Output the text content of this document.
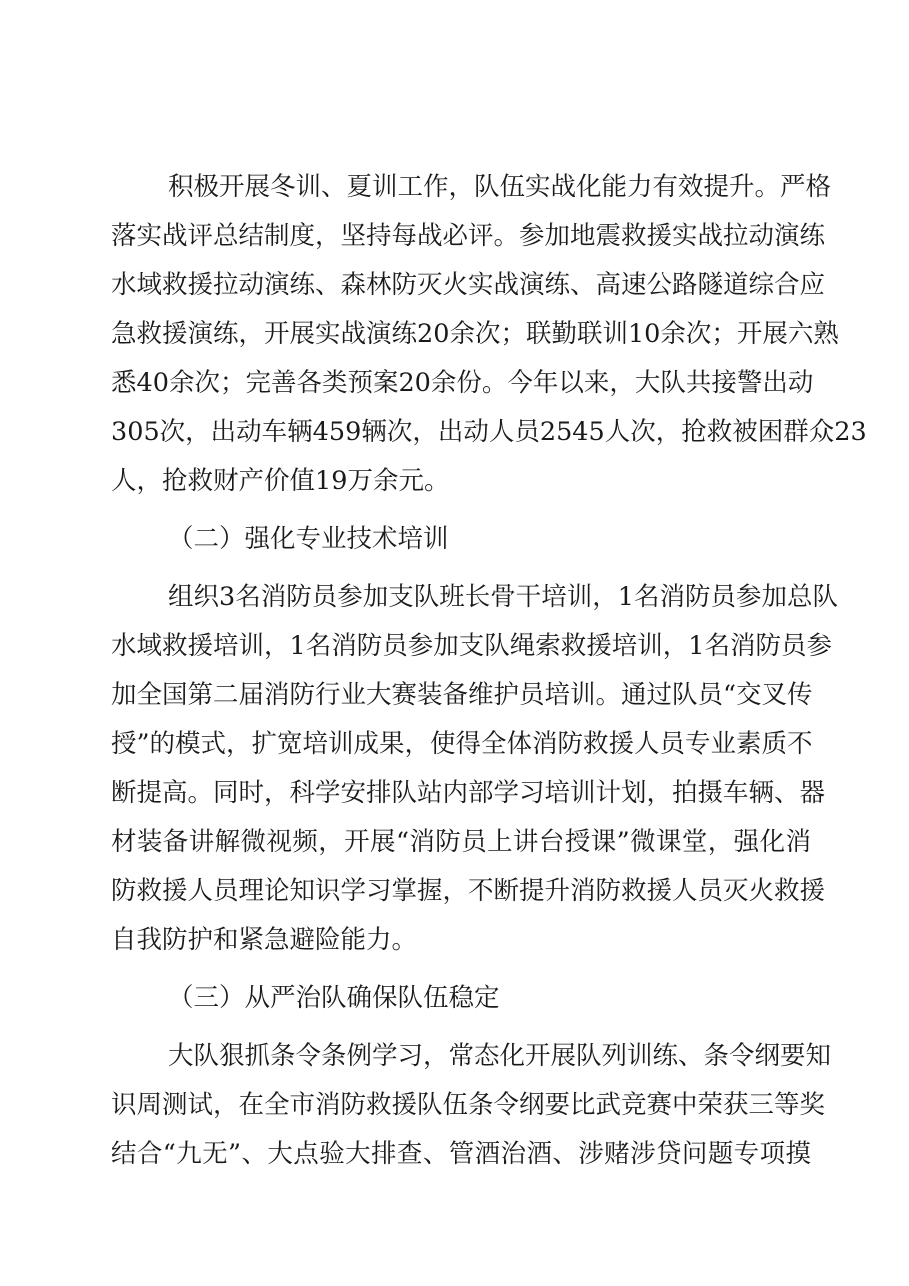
积极开展冬训、夏训工作，队伍实战化能力有效提升。严格
落实战评总结制度，坚持每战必评。参加地震救援实战拉动演练
水域救援拉动演练、森林防灭火实战演练、高速公路隧道综合应
急救援演练，开展实战演练20余次；联勤联训10余次；开展六熟
悉40余次；完善各类预案20余份。今年以来，大队共接警出动
305次，出动车辆459辆次，出动人员2545人次，抢救被困群众23
人，抢救财产价值19万余元。
（二）强化专业技术培训
组织3名消防员参加支队班长骨干培训，1名消防员参加总队
水域救援培训，1名消防员参加支队绳索救援培训，1名消防员参
加全国第二届消防行业大赛装备维护员培训。通过队员“交叉传
授”的模式，扩宽培训成果，使得全体消防救援人员专业素质不
断提高。同时，科学安排队站内部学习培训计划，拍摄车辆、器
材装备讲解微视频，开展“消防员上讲台授课”微课堂，强化消
防救援人员理论知识学习掌握，不断提升消防救援人员灭火救援
自我防护和紧急避险能力。
（三）从严治队确保队伍稳定
大队狠抓条令条例学习，常态化开展队列训练、条令纲要知
识周测试，在全市消防救援队伍条令纲要比武竞赛中荣获三等奖
结合“九无”、大点验大排查、管酒治酒、涉赌涉贷问题专项摸
